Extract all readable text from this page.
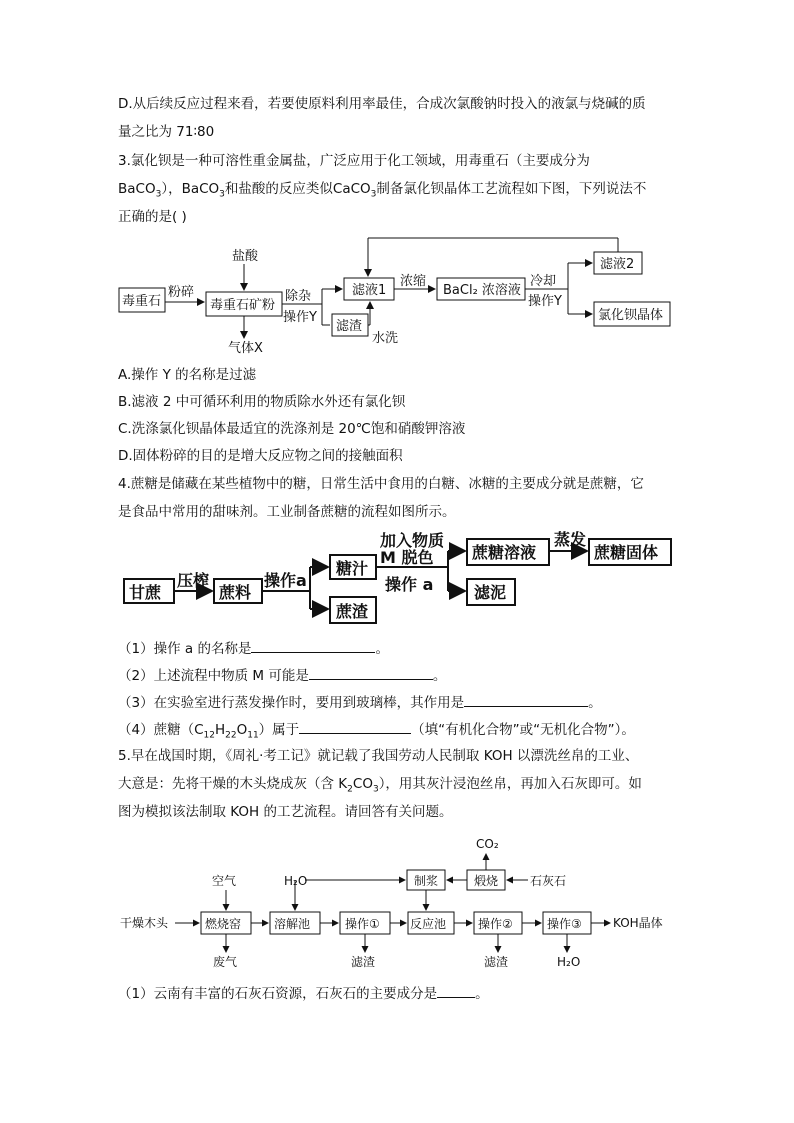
D.从后续反应过程来看，若要使原料利用率最佳，合成次氯酸钠时投入的液氯与烧碱的质
量之比为 71∶80
3.氯化钡是一种可溶性重金属盐，广泛应用于化工领域，用毒重石（主要成分为
BaCO$_3$），BaCO$_3$和盐酸的反应类似CaCO$_3$制备氯化钡晶体工艺流程如下图，下列说法不
正确的是( )
毒重石
粉碎
毒重石矿粉
盐酸
气体X
除杂
操作Y
滤液1
滤渣
水洗
浓缩
BaCl₂ 浓溶液
冷却
操作Y
滤液2
氯化钡晶体
A.操作 Y 的名称是过滤
B.滤液 2 中可循环利用的物质除水外还有氯化钡
C.洗涤氯化钡晶体最适宜的洗涤剂是 20℃饱和硝酸钾溶液
D.固体粉碎的目的是增大反应物之间的接触面积
4.蔗糖是储藏在某些植物中的糖，日常生活中食用的白糖、冰糖的主要成分就是蔗糖，它
是食品中常用的甜味剂。工业制备蔗糖的流程如图所示。
甘蔗
压榨
蔗料
操作a
糖汁
蔗渣
加入物质
M 脱色
操作 a
蔗糖溶液
蒸发
蔗糖固体
滤泥
（1）操作 a 的名称是	。
（2）上述流程中物质 M 可能是	。
（3）在实验室进行蒸发操作时，要用到玻璃棒，其作用是	。
（4）蔗糖$(C_{12}H_{22}O_{11})$属于	（填“有机化合物”或“无机化合物”）。
5.早在战国时期，《周礼·考工记》就记载了我国劳动人民制取 KOH 以漂洗丝帛的工业、
大意是：先将干燥的木头烧成灰（含 $K_2CO_3$），用其灰汁浸泡丝帛，再加入石灰即可。如
图为模拟该法制取 KOH 的工艺流程。请回答有关问题。
CO₂
制浆	煅烧	石灰石
空气	H₂O
干燥木头	燃烧窑	溶解池	操作①	反应池	操作②	操作③	KOH晶体
废气	滤渣	滤渣	H₂O
（1）云南有丰富的石灰石资源，石灰石的主要成分是	。
